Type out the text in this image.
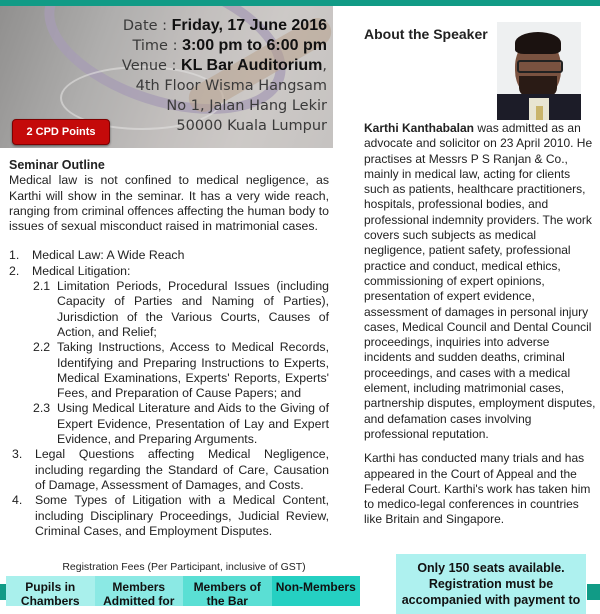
Date : Friday, 17 June 2016
Time : 3:00 pm to 6:00 pm
Venue : KL Bar Auditorium,
4th Floor Wisma Hangsam
No 1, Jalan Hang Lekir
50000 Kuala Lumpur
2 CPD Points
Seminar Outline

Medical law is not confined to medical negligence, as Karthi will show in the seminar. It has a very wide reach, ranging from criminal offences affecting the human body to issues of sexual misconduct raised in matrimonial cases.

1.	Medical Law: A Wide Reach
2.	Medical Litigation:
2.1 Limitation Periods, Procedural Issues (including Capacity of Parties and Naming of Parties), Jurisdiction of the Various Courts, Causes of Action, and Relief;
2.2 Taking Instructions, Access to Medical Records, Identifying and Preparing Instructions to Experts, Medical Examinations, Experts' Reports, Experts' Fees, and Preparation of Cause Papers; and
2.3 Using Medical Literature and Aids to the Giving of Expert Evidence, Presentation of Lay and Expert Evidence, and Preparing Arguments.
3.	Legal Questions affecting Medical Negligence, including regarding the Standard of Care, Causation of Damage, Assessment of Damages, and Costs.
4.	Some Types of Litigation with a Medical Content, including Disciplinary Proceedings, Judicial Review, Criminal Cases, and Employment Disputes.
About the Speaker

Karthi Kanthabalan was admitted as an advocate and solicitor on 23 April 2010. He practises at Messrs P S Ranjan & Co., mainly in medical law, acting for clients such as patients, healthcare practitioners, hospitals, professional bodies, and professional indemnity providers. The work covers such subjects as medical negligence, patient safety, professional practice and conduct, medical ethics, commissioning of expert opinions, presentation of expert evidence, assessment of damages in personal injury cases, Medical Council and Dental Council proceedings, inquiries into adverse incidents and sudden deaths, criminal proceedings, and cases with a medical element, including matrimonial cases, partnership disputes, employment disputes, and defamation cases involving professional reputation.

Karthi has conducted many trials and has appeared in the Court of Appeal and the Federal Court. Karthi's work has taken him to medico-legal conferences in countries like Britain and Singapore.

Registration Fees (Per Participant, inclusive of GST)
Pupils in Chambers
Members Admitted for
Members of the Bar
Non-Members
Only 150 seats available.
Registration must be
accompanied with payment to
